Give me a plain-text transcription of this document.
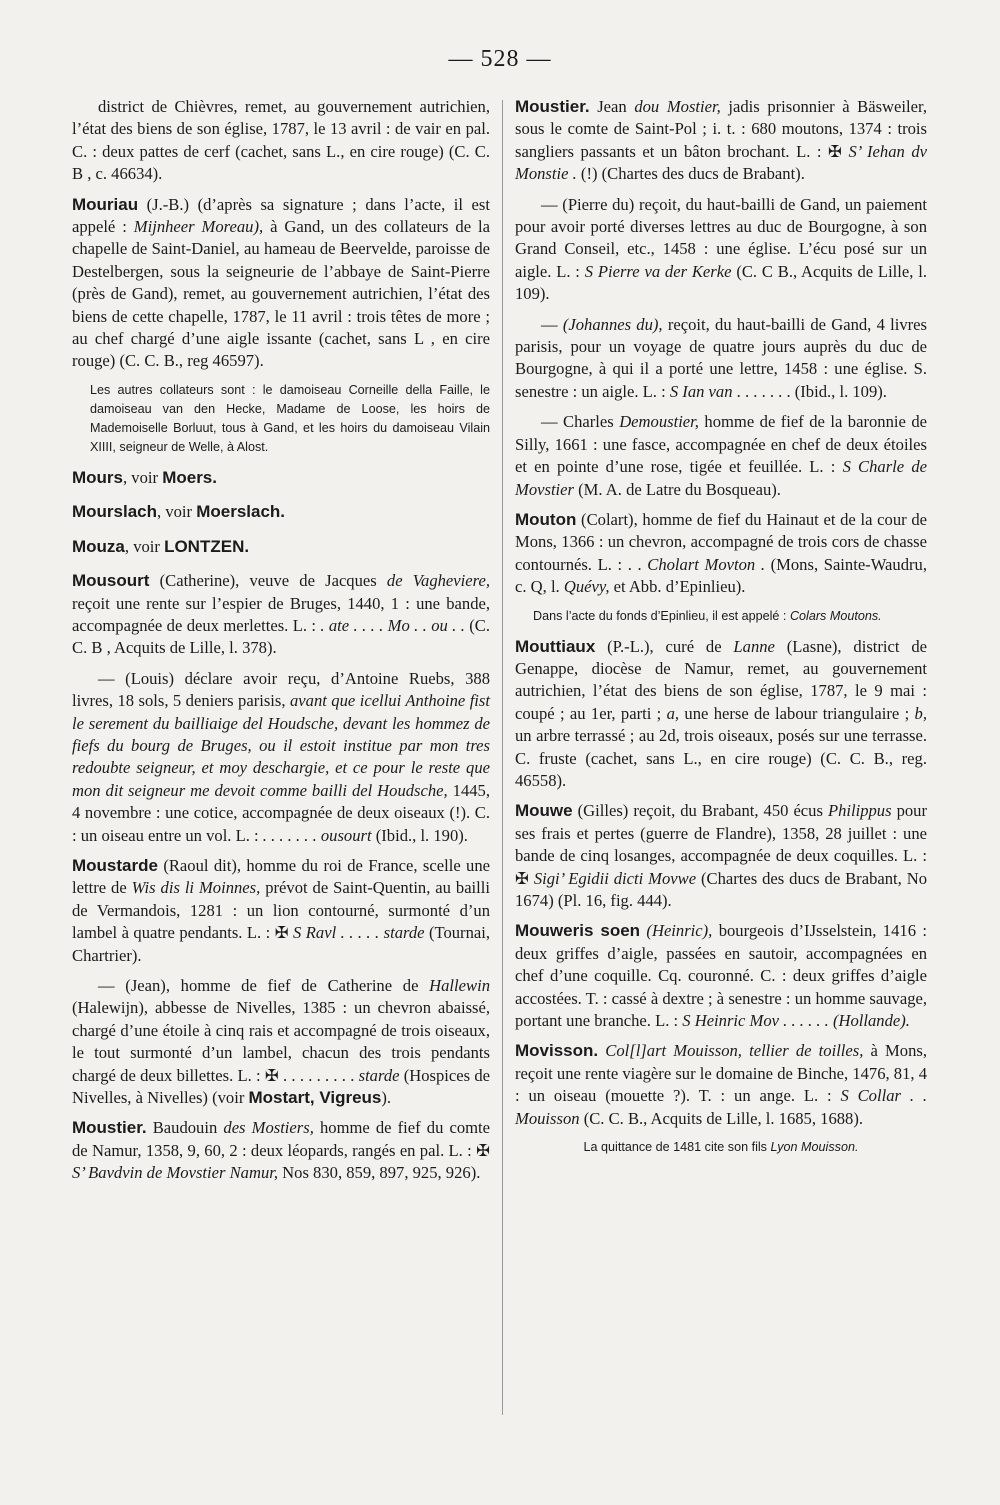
— 528 —

district de Chièvres, remet, au gouvernement autrichien, l’état des biens de son église, 1787, le 13 avril : de vair en pal. C. : deux pattes de cerf (cachet, sans L., en cire rouge) (C. C. B , c. 46634).

Mouriau (J.-B.) (d’après sa signature ; dans l’acte, il est appelé : Mijnheer Moreau), à Gand, un des collateurs de la chapelle de Saint-Daniel, au hameau de Beervelde, paroisse de Destelbergen, sous la seigneurie de l’abbaye de Saint-Pierre (près de Gand), remet, au gouvernement autrichien, l’état des biens de cette chapelle, 1787, le 11 avril : trois têtes de more ; au chef chargé d’une aigle issante (cachet, sans L , en cire rouge) (C. C. B., reg 46597).

Les autres collateurs sont : le damoiseau Corneille della Faille, le damoiseau van den Hecke, Madame de Loose, les hoirs de Mademoiselle Borluut, tous à Gand, et les hoirs du damoiseau Vilain XIIII, seigneur de Welle, à Alost.

Mours, voir Moers.

Mourslach, voir Moerslach.

Mouza, voir LONTZEN.

Mousourt (Catherine), veuve de Jacques de Vagheviere, reçoit une rente sur l’espier de Bruges, 1440, 1 : une bande, accompagnée de deux merlettes. L. : . ate . . . . Mo . . ou . . (C. C. B , Acquits de Lille, l. 378).

— (Louis) déclare avoir reçu, d’Antoine Ruebs, 388 livres, 18 sols, 5 deniers parisis, avant que icellui Anthoine fist le serement du bailliaige del Houdsche, devant les hommez de fiefs du bourg de Bruges, ou il estoit institue par mon tres redoubte seigneur, et moy deschargie, et ce pour le reste que mon dit seigneur me devoit comme bailli del Houdsche, 1445, 4 novembre : une cotice, accompagnée de deux oiseaux (!). C. : un oiseau entre un vol. L. : . . . . . . . ousourt (Ibid., l. 190).

Moustarde (Raoul dit), homme du roi de France, scelle une lettre de Wis dis li Moinnes, prévot de Saint-Quentin, au bailli de Vermandois, 1281 : un lion contourné, surmonté d’un lambel à quatre pendants. L. : ✠ S Ravl . . . . . starde (Tournai, Chartrier).

— (Jean), homme de fief de Catherine de Hallewin (Halewijn), abbesse de Nivelles, 1385 : un chevron abaissé, chargé d’une étoile à cinq rais et accompagné de trois oiseaux, le tout surmonté d’un lambel, chacun des trois pendants chargé de deux billettes. L. : ✠ . . . . . . . . . starde (Hospices de Nivelles, à Nivelles) (voir Mostart, Vigreus).

Moustier. Baudouin des Mostiers, homme de fief du comte de Namur, 1358, 9, 60, 2 : deux léopards, rangés en pal. L. : ✠ S’ Bavdvin de Movstier Namur, Nos 830, 859, 897, 925, 926).

Moustier. Jean dou Mostier, jadis prisonnier à Bäsweiler, sous le comte de Saint-Pol ; i. t. : 680 moutons, 1374 : trois sangliers passants et un bâton brochant. L. : ✠ S’ Iehan dv Monstie . (!) (Chartes des ducs de Brabant).

— (Pierre du) reçoit, du haut-bailli de Gand, un paiement pour avoir porté diverses lettres au duc de Bourgogne, à son Grand Conseil, etc., 1458 : une église. L’écu posé sur un aigle. L. : S Pierre va der Kerke (C. C B., Acquits de Lille, l. 109).

— (Johannes du), reçoit, du haut-bailli de Gand, 4 livres parisis, pour un voyage de quatre jours auprès du duc de Bourgogne, à qui il a porté une lettre, 1458 : une église. S. senestre : un aigle. L. : S Ian van . . . . . . . (Ibid., l. 109).

— Charles Demoustier, homme de fief de la baronnie de Silly, 1661 : une fasce, accompagnée en chef de deux étoiles et en pointe d’une rose, tigée et feuillée. L. : S Charle de Movstier (M. A. de Latre du Bosqueau).

Mouton (Colart), homme de fief du Hainaut et de la cour de Mons, 1366 : un chevron, accompagné de trois cors de chasse contournés. L. : . . Cholart Movton . (Mons, Sainte-Waudru, c. Q, l. Quévy, et Abb. d’Epinlieu).

Dans l’acte du fonds d’Epinlieu, il est appelé : Colars Moutons.

Mouttiaux (P.-L.), curé de Lanne (Lasne), district de Genappe, diocèse de Namur, remet, au gouvernement autrichien, l’état des biens de son église, 1787, le 9 mai : coupé ; au 1er, parti ; a, une herse de labour triangulaire ; b, un arbre terrassé ; au 2d, trois oiseaux, posés sur une terrasse. C. fruste (cachet, sans L., en cire rouge) (C. C. B., reg. 46558).

Mouwe (Gilles) reçoit, du Brabant, 450 écus Philippus pour ses frais et pertes (guerre de Flandre), 1358, 28 juillet : une bande de cinq losanges, accompagnée de deux coquilles. L. : ✠ Sigi’ Egidii dicti Movwe (Chartes des ducs de Brabant, No 1674) (Pl. 16, fig. 444).

Mouweris soen (Heinric), bourgeois d’IJsselstein, 1416 : deux griffes d’aigle, passées en sautoir, accompagnées en chef d’une coquille. Cq. couronné. C. : deux griffes d’aigle accostées. T. : cassé à dextre ; à senestre : un homme sauvage, portant une branche. L. : S Heinric Mov . . . . . . (Hollande).

Movisson. Col[l]art Mouisson, tellier de toilles, à Mons, reçoit une rente viagère sur le domaine de Binche, 1476, 81, 4 : un oiseau (mouette ?). T. : un ange. L. : S Collar . . Mouisson (C. C. B., Acquits de Lille, l. 1685, 1688).

La quittance de 1481 cite son fils Lyon Mouisson.
